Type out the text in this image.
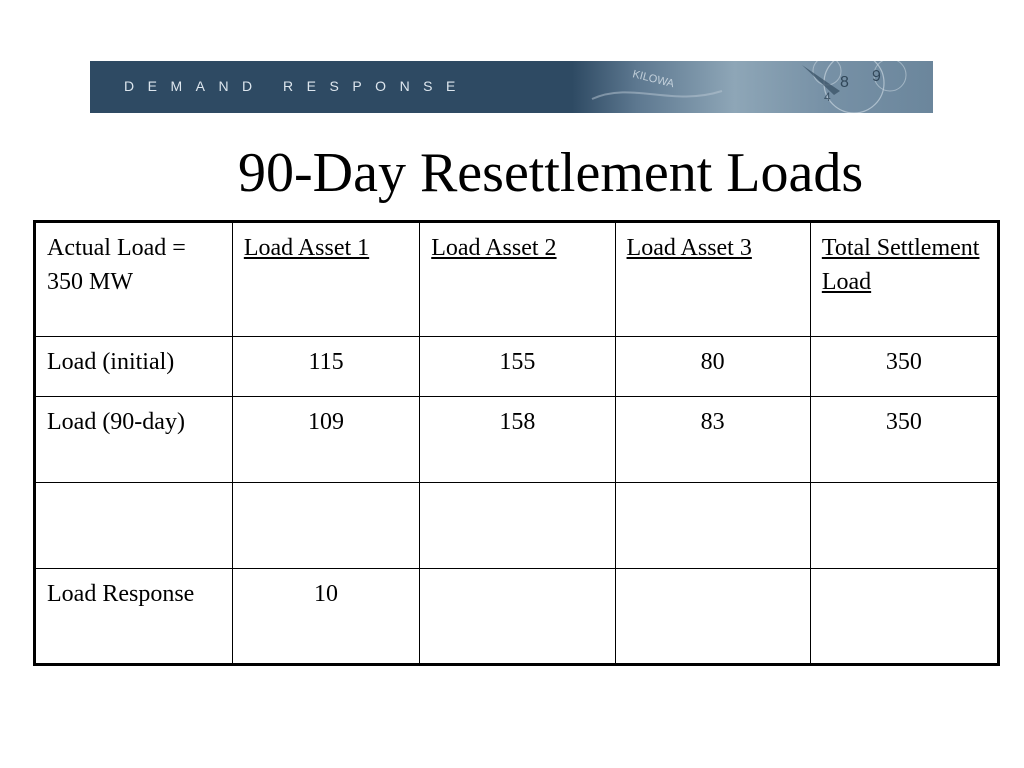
DEMAND RESPONSE	KILOWA	8 9
4
90-Day Resettlement Loads
Actual Load = 350 MW	Load Asset 1	Load Asset 2	Load Asset 3	Total Settlement Load
Load (initial)	115	155	80	350
Load (90-day)	109	158	83	350

Load Response	10			
